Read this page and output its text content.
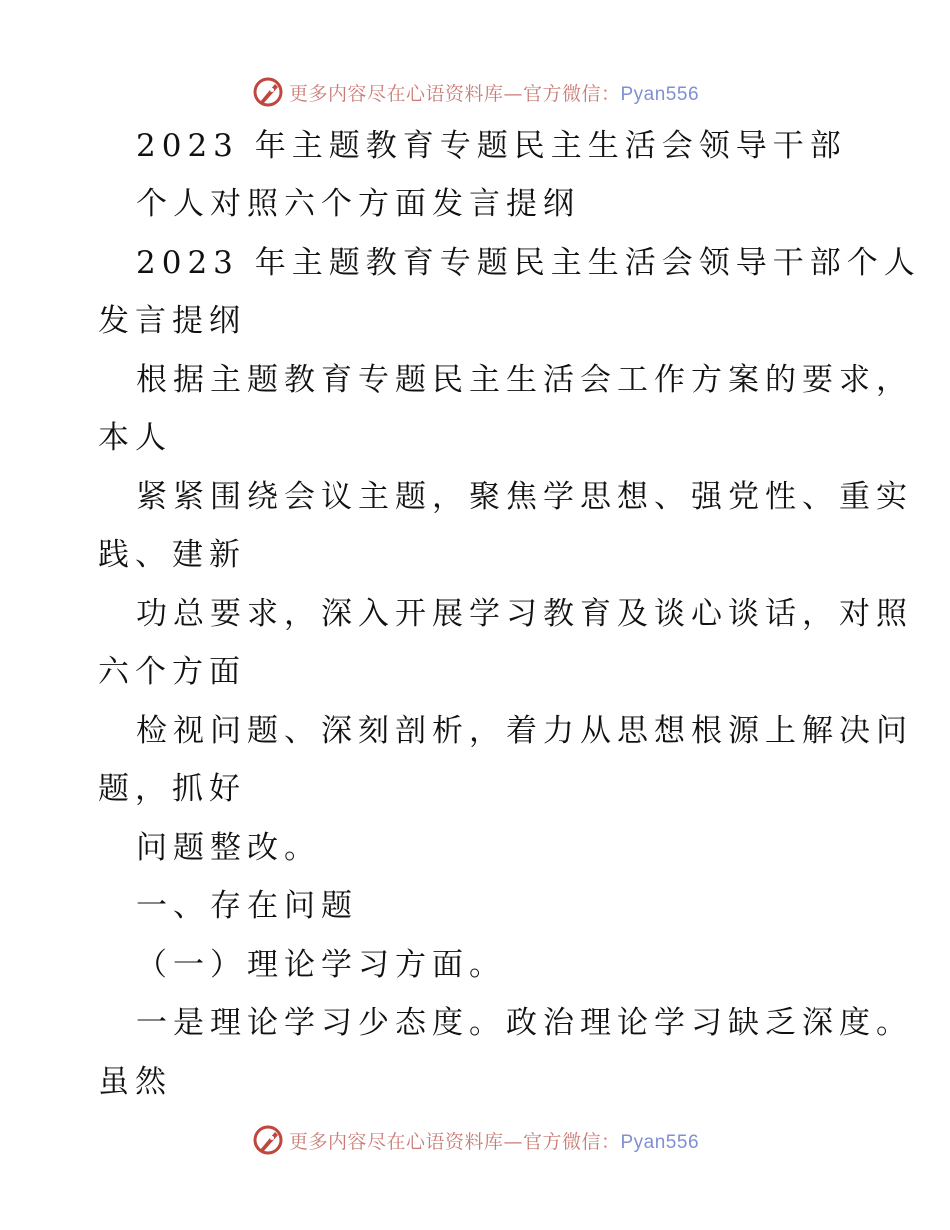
更多内容尽在心语资料库—官方微信：Pyan556

2023 年主题教育专题民主生活会领导干部

个人对照六个方面发言提纲

2023 年主题教育专题民主生活会领导干部个人

发言提纲

根据主题教育专题民主生活会工作方案的要求，

本人

紧紧围绕会议主题，聚焦学思想、强党性、重实

践、建新

功总要求，深入开展学习教育及谈心谈话，对照

六个方面

检视问题、深刻剖析，着力从思想根源上解决问

题，抓好

问题整改。

一、存在问题

（一）理论学习方面。

一是理论学习少态度。政治理论学习缺乏深度。

虽然

更多内容尽在心语资料库—官方微信：Pyan556
